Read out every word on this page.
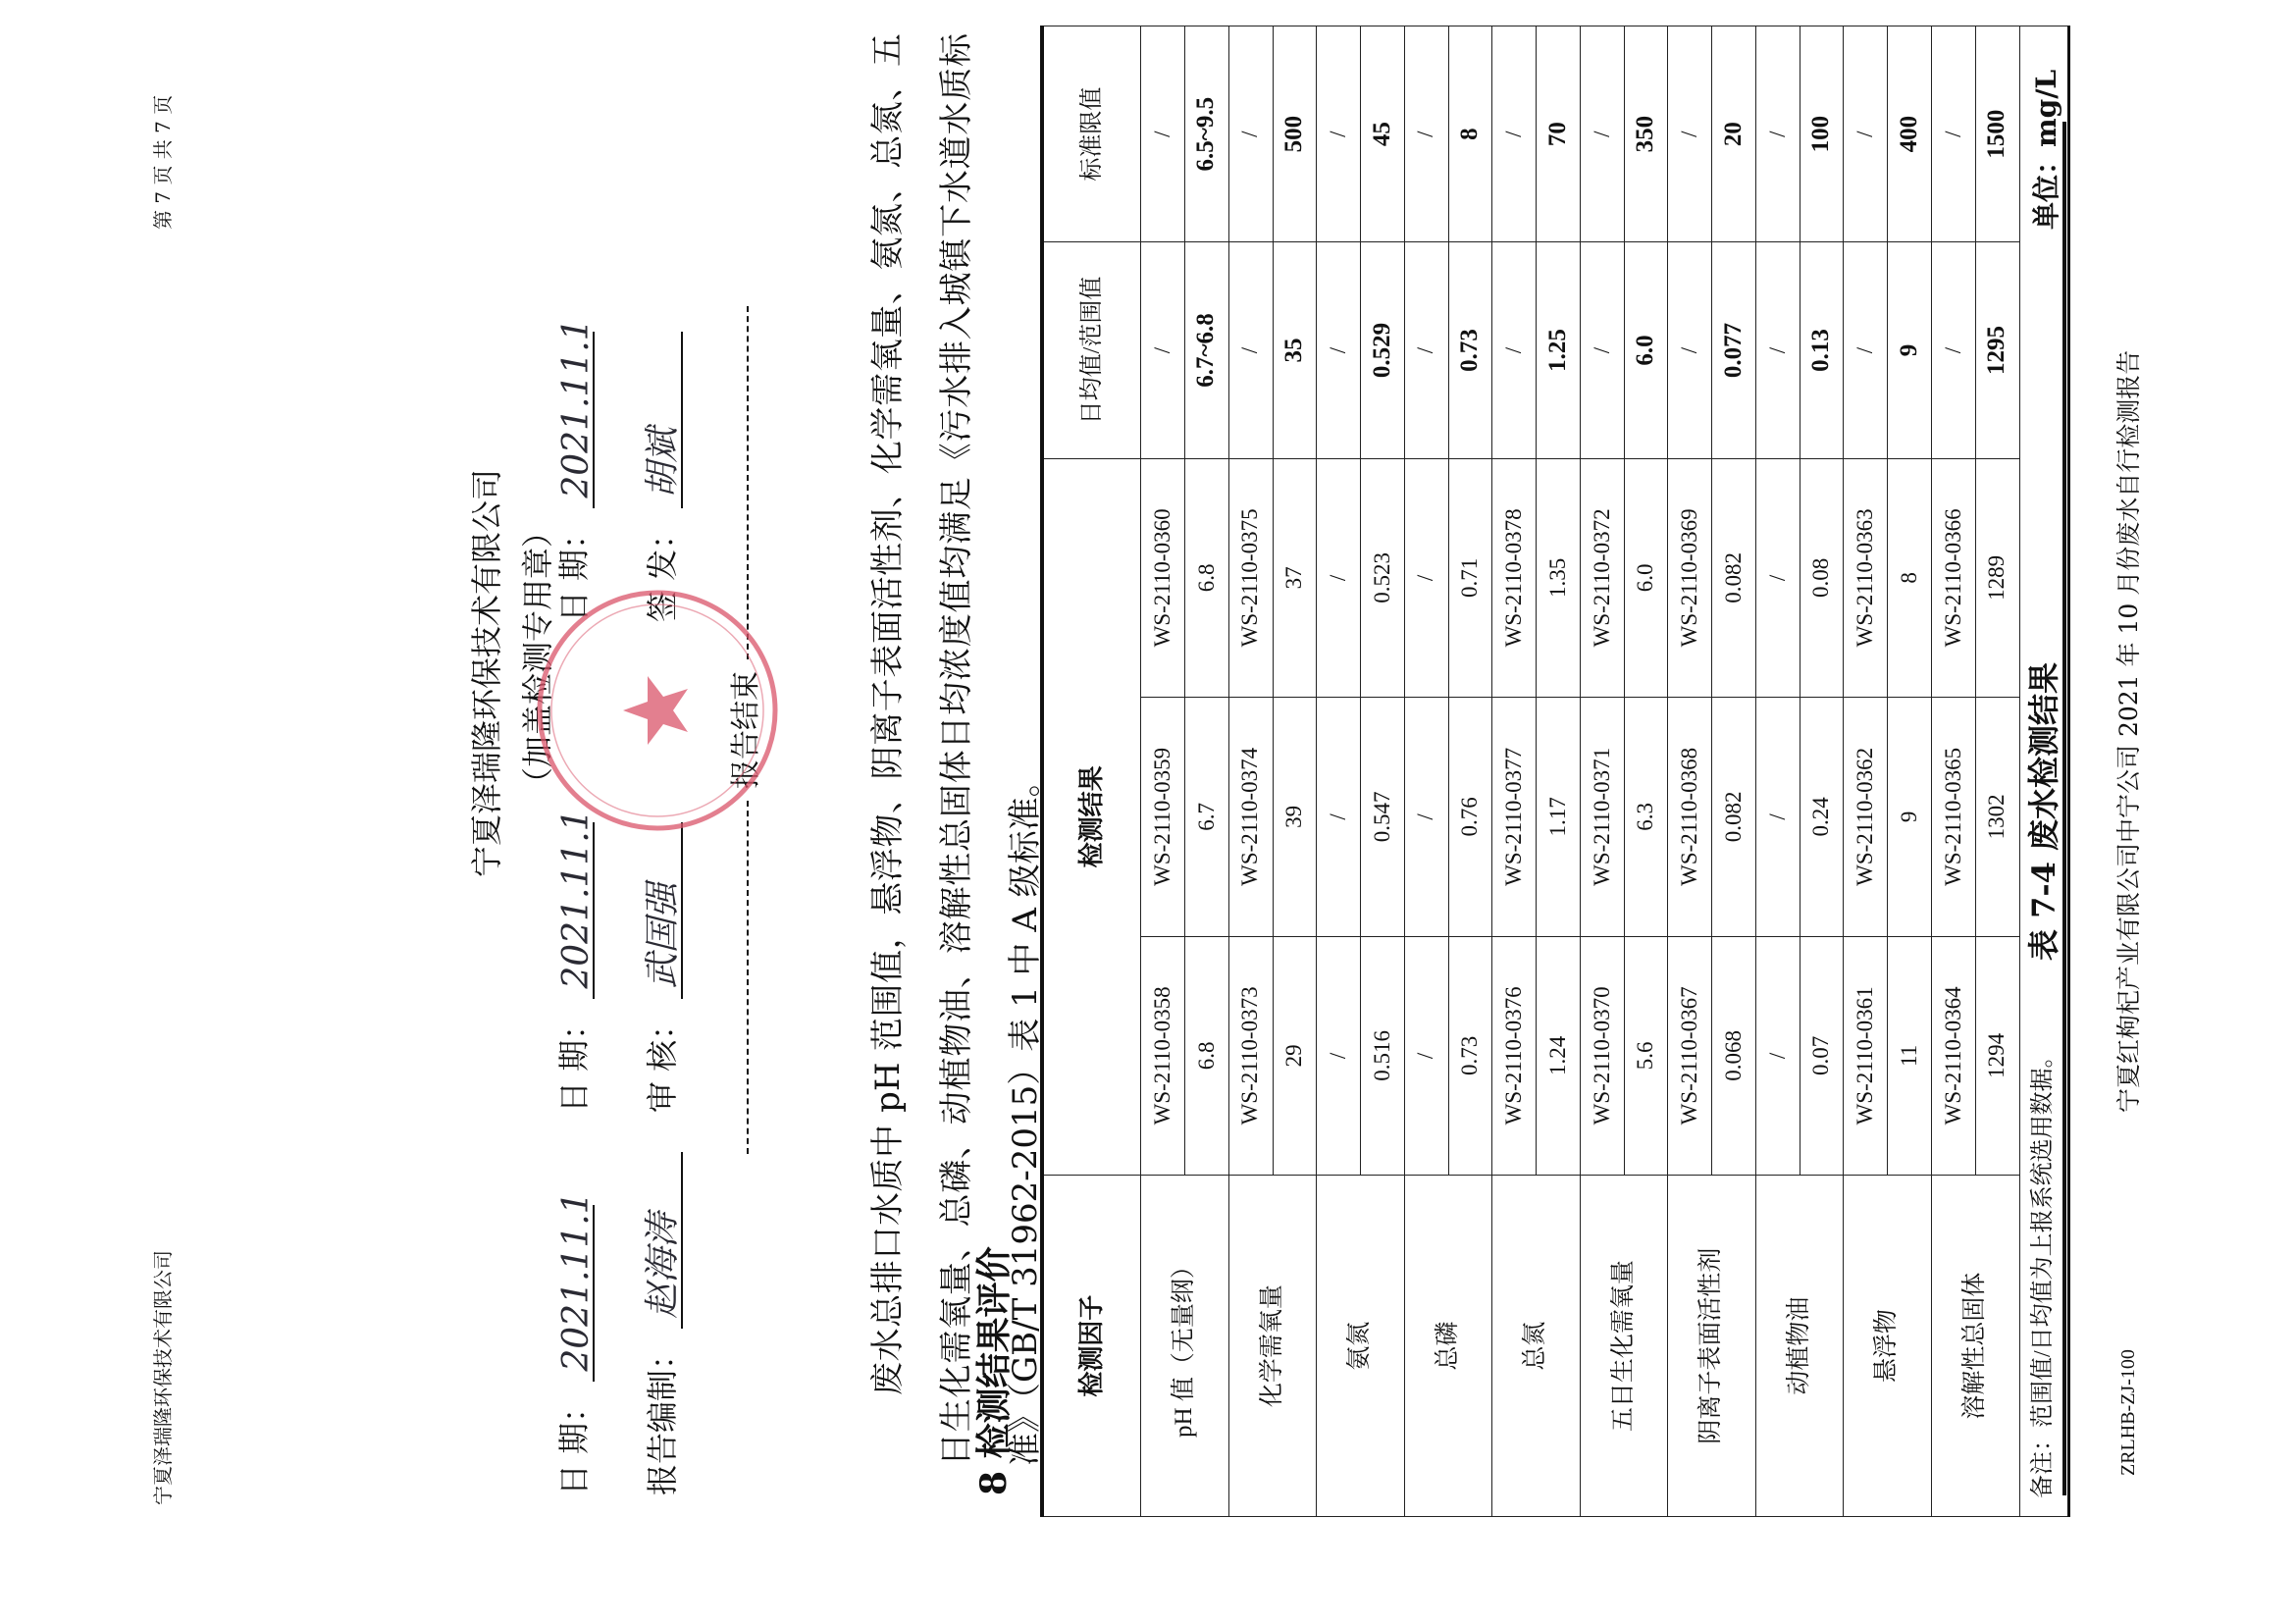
ZRLHB-ZJ-100
宁夏红枸杞产业有限公司中宁公司 2021 年 10 月份废水自行检测报告
表 7-4 废水检测结果
单位：mg/L
检测因子	检测结果			日均值/范围值	标准限值
pH 值（无量纲）	WS-2110-0358	WS-2110-0359	WS-2110-0360	/	/
	6.8	6.7	6.8	6.7~6.8	6.5~9.5
化学需氧量	WS-2110-0373	WS-2110-0374	WS-2110-0375	/	/
	29	39	37	35	500
氨氮	/	/	/	/	/
	0.516	0.547	0.523	0.529	45
总磷	/	/	/	/	/
	0.73	0.76	0.71	0.73	8
总氮	WS-2110-0376	WS-2110-0377	WS-2110-0378	/	/
	1.24	1.17	1.35	1.25	70
五日生化需氧量	WS-2110-0370	WS-2110-0371	WS-2110-0372	/	/
	5.6	6.3	6.0	6.0	350
阴离子表面活性剂	WS-2110-0367	WS-2110-0368	WS-2110-0369	/	/
	0.068	0.082	0.082	0.077	20
动植物油	/	/	/	/	/
	0.07	0.24	0.08	0.13	100
悬浮物	WS-2110-0361	WS-2110-0362	WS-2110-0363	/	/
	11	9	8	9	400
溶解性总固体	WS-2110-0364	WS-2110-0365	WS-2110-0366	/	/
	1294	1302	1289	1295	1500
备注：范围值/日均值为上报系统选用数据。					
8 检测结果评价
废水总排口水质中 pH 范围值，悬浮物、阴离子表面活性剂、化学需氧量、氨氮、总氮、五日生化需氧量、总磷、动植物油、溶解性总固体日均浓度值均满足《污水排入城镇下水道水质标准》（GB/T 31962-2015）表 1 中 A 级标准。
报告结束
报告编制：
赵海涛
日 期：
2021.11.1
审 核：
武国强
日 期：
2021.11.1
签 发：
胡斌
日 期：
2021.11.1
宁夏泽瑞隆环保技术有限公司 （加盖检测专用章）
宁夏泽瑞隆环保技术有限公司
第 7 页 共 7 页
